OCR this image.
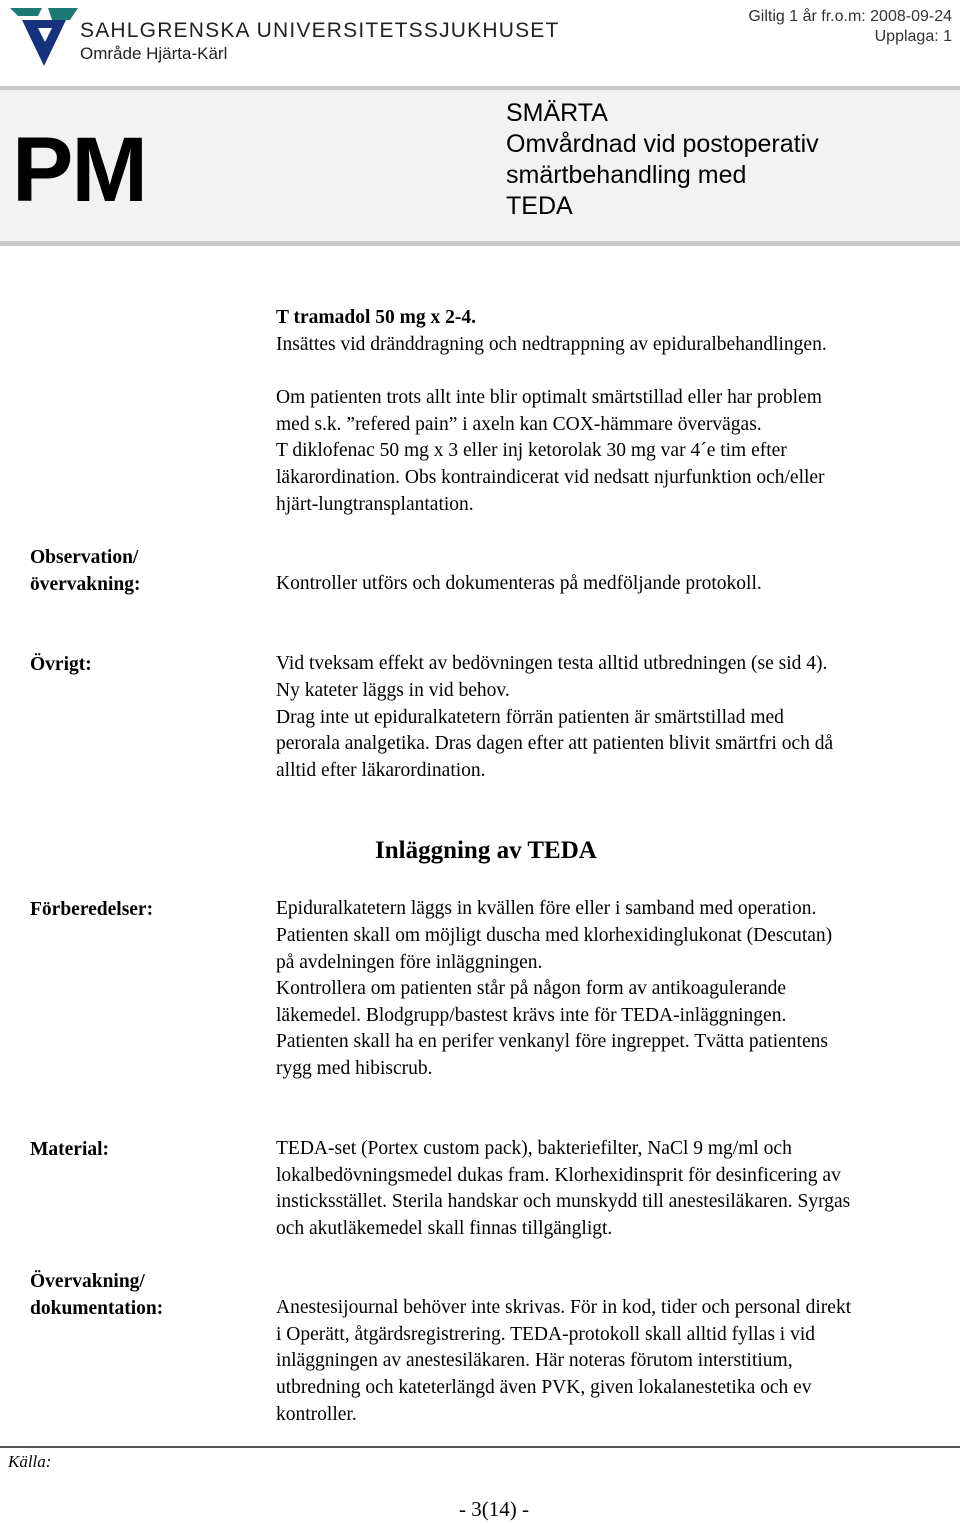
SAHLGRENSKA UNIVERSITETSSJUKHUSET
Område Hjärta-Kärl
Giltig 1 år fr.o.m: 2008-09-24
Upplaga: 1
PM
SMÄRTA
Omvårdnad vid postoperativ
smärtbehandling med
TEDA
T tramadol 50 mg x 2-4.
Insättes vid dränddragning och nedtrappning av epiduralbehandlingen.
Om patienten trots allt inte blir optimalt smärtstillad eller har problem
med s.k. ”refered pain” i axeln kan COX-hämmare övervägas.
T diklofenac 50 mg x 3 eller inj ketorolak 30 mg var 4´e tim efter
läkarordination. Obs kontraindicerat vid nedsatt njurfunktion och/eller
hjärt-lungtransplantation.
Observation/
övervakning:	Kontroller utförs och dokumenteras på medföljande protokoll.
Övrigt:	Vid tveksam effekt av bedövningen testa alltid utbredningen (se sid 4).
Ny kateter läggs in vid behov.
Drag inte ut epiduralkatetern förrän patienten är smärtstillad med
perorala analgetika. Dras dagen efter att patienten blivit smärtfri och då
alltid efter läkarordination.
Inläggning av TEDA
Förberedelser:	Epiduralkatetern läggs in kvällen före eller i samband med operation.
Patienten skall om möjligt duscha med klorhexidinglukonat (Descutan)
på avdelningen före inläggningen.
Kontrollera om patienten står på någon form av antikoagulerande
läkemedel. Blodgrupp/bastest krävs inte för TEDA-inläggningen.
Patienten skall ha en perifer venkanyl före ingreppet. Tvätta patientens
rygg med hibiscrub.
Material:	TEDA-set (Portex custom pack), bakteriefilter, NaCl 9 mg/ml och
lokalbedövningsmedel dukas fram. Klorhexidinsprit för desinficering av
insticksstället. Sterila handskar och munskydd till anestesiläkaren. Syrgas
och akutläkemedel skall finnas tillgängligt.
Övervakning/
dokumentation:	Anestesijournal behöver inte skrivas. För in kod, tider och personal direkt
i Operätt, åtgärdsregistrering. TEDA-protokoll skall alltid fyllas i vid
inläggningen av anestesiläkaren. Här noteras förutom interstitium,
utbredning och kateterlängd även PVK, given lokalanestetika och ev
kontroller.
Källa:
- 3(14) -
